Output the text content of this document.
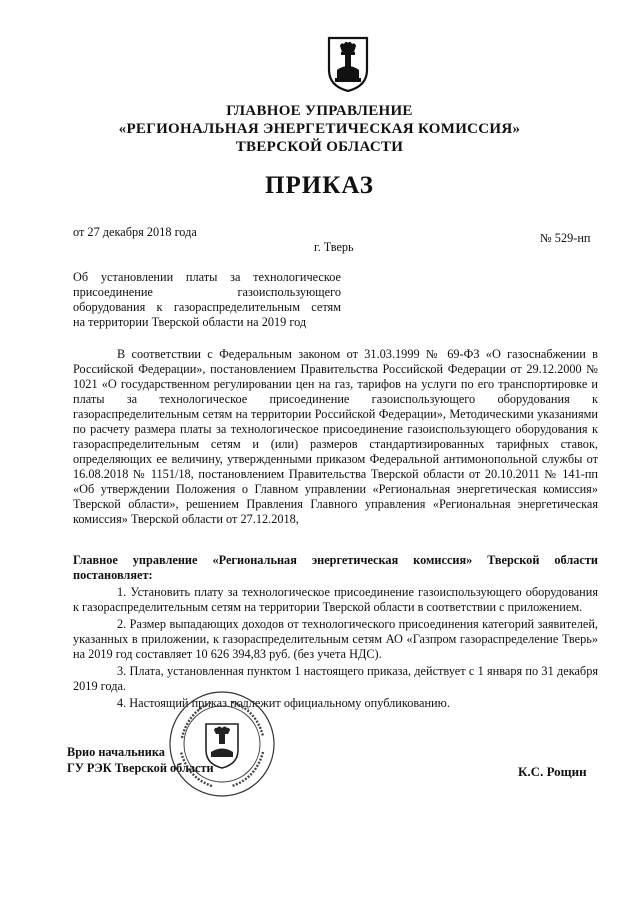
ГЛАВНОЕ УПРАВЛЕНИЕ
«РЕГИОНАЛЬНАЯ ЭНЕРГЕТИЧЕСКАЯ КОМИССИЯ»
ТВЕРСКОЙ ОБЛАСТИ
ПРИКАЗ
от 27 декабря 2018 года	№ 529-нп
г. Тверь
Об установлении платы за технологическое
присоединение газоиспользующего
оборудования к газораспределительным сетям
на территории Тверской области на 2019 год

В соответствии с Федеральным законом от 31.03.1999 № 69-ФЗ «О газоснабжении в Российской Федерации», постановлением Правительства Российской Федерации от 29.12.2000 № 1021 «О государственном регулировании цен на газ, тарифов на услуги по его транспортировке и платы за технологическое присоединение газоиспользующего оборудования к газораспределительным сетям на территории Российской Федерации», Методическими указаниями по расчету размера платы за технологическое присоединение газоиспользующего оборудования к газораспределительным сетям и (или) размеров стандартизированных тарифных ставок, определяющих ее величину, утвержденными приказом Федеральной антимонопольной службы от 16.08.2018 № 1151/18, постановлением Правительства Тверской области от 20.10.2011 № 141-пп «Об утверждении Положения о Главном управлении «Региональная энергетическая комиссия» Тверской области», решением Правления Главного управления «Региональная энергетическая комиссия» Тверской области от 27.12.2018,

Главное управление «Региональная энергетическая комиссия» Тверской области постановляет:

1. Установить плату за технологическое присоединение газоиспользующего оборудования к газораспределительным сетям на территории Тверской области в соответствии с приложением.

2. Размер выпадающих доходов от технологического присоединения категорий заявителей, указанных в приложении, к газораспределительным сетям АО «Газпром газораспределение Тверь» на 2019 год составляет 10 626 394,83 руб. (без учета НДС).

3. Плата, установленная пунктом 1 настоящего приказа, действует с 1 января по 31 декабря 2019 года.

4. Настоящий приказ подлежит официальному опубликованию.

Врио начальника
ГУ РЭК Тверской области	К.С. Рощин
